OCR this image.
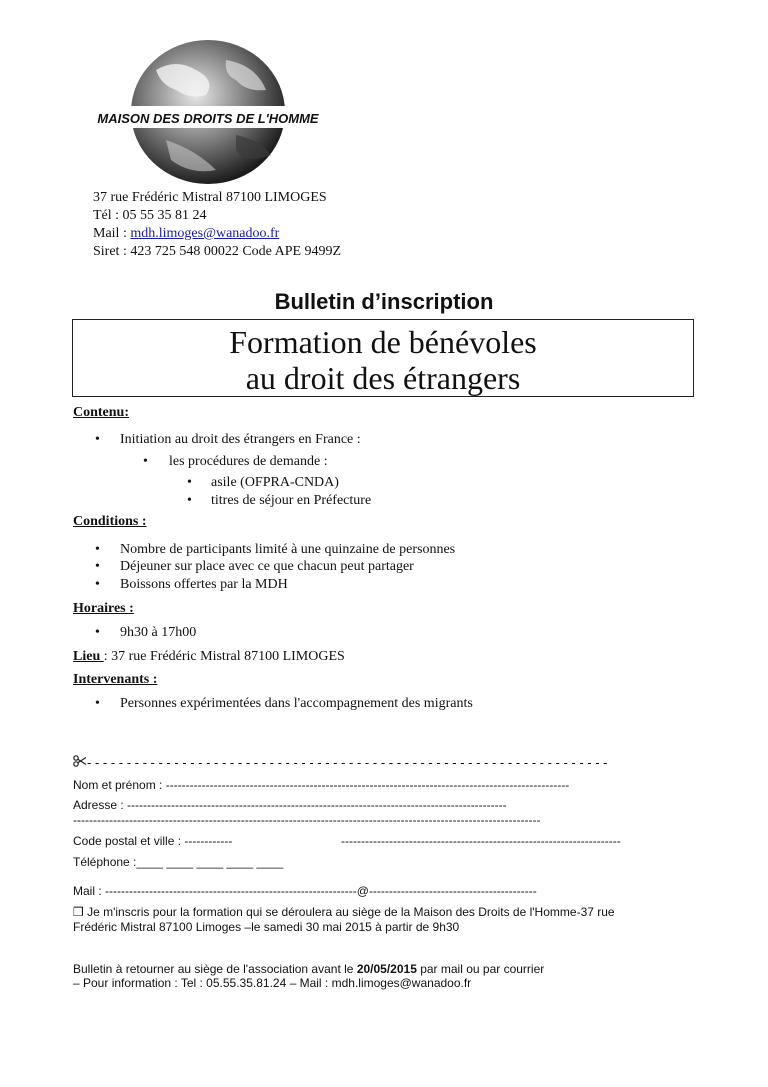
MAISON DES DROITS DE L'HOMME
37 rue Frédéric Mistral 87100 LIMOGES
Tél : 05 55 35 81 24
Mail : mdh.limoges@wanadoo.fr
Siret : 423 725 548 00022 Code APE 9499Z
Bulletin d’inscription
Formation de bénévoles
au droit des étrangers
Contenu:
• Initiation au droit des étrangers en France :
• les procédures de demande :
• asile (OFPRA-CNDA)
• titres de séjour en Préfecture
Conditions :
• Nombre de participants limité à une quinzaine de personnes
• Déjeuner sur place avec ce que chacun peut partager
• Boissons offertes par la MDH
Horaires :
• 9h30 à 17h00
Lieu : 37 rue Frédéric Mistral 87100 LIMOGES
Intervenants :
• Personnes expérimentées dans l'accompagnement des migrants
- - - - - - - - - - - - - - - - - - - - - - - - - - - - - - - - - - - - - - - - - - - - - - - - - - - - - - - - - - - - - - - - - -
Nom et prénom : -----------------------------------------------------------------------------------------------------
Adresse : -----------------------------------------------------------------------------------------------
---------------------------------------------------------------------------------------------------------------------
Code postal et ville : ------------	----------------------------------------------------------------------
Téléphone :____ ____ ____ ____ ____
Mail : ---------------------------------------------------------------@------------------------------------------
❒ Je m'inscris pour la formation qui se déroulera au siège de la Maison des Droits de l'Homme-37 rue
Frédéric Mistral 87100 Limoges –le samedi 30 mai 2015 à partir de 9h30
Bulletin à retourner au siège de l'association avant le 20/05/2015 par mail ou par courrier
– Pour information : Tel : 05.55.35.81.24 – Mail : mdh.limoges@wanadoo.fr
